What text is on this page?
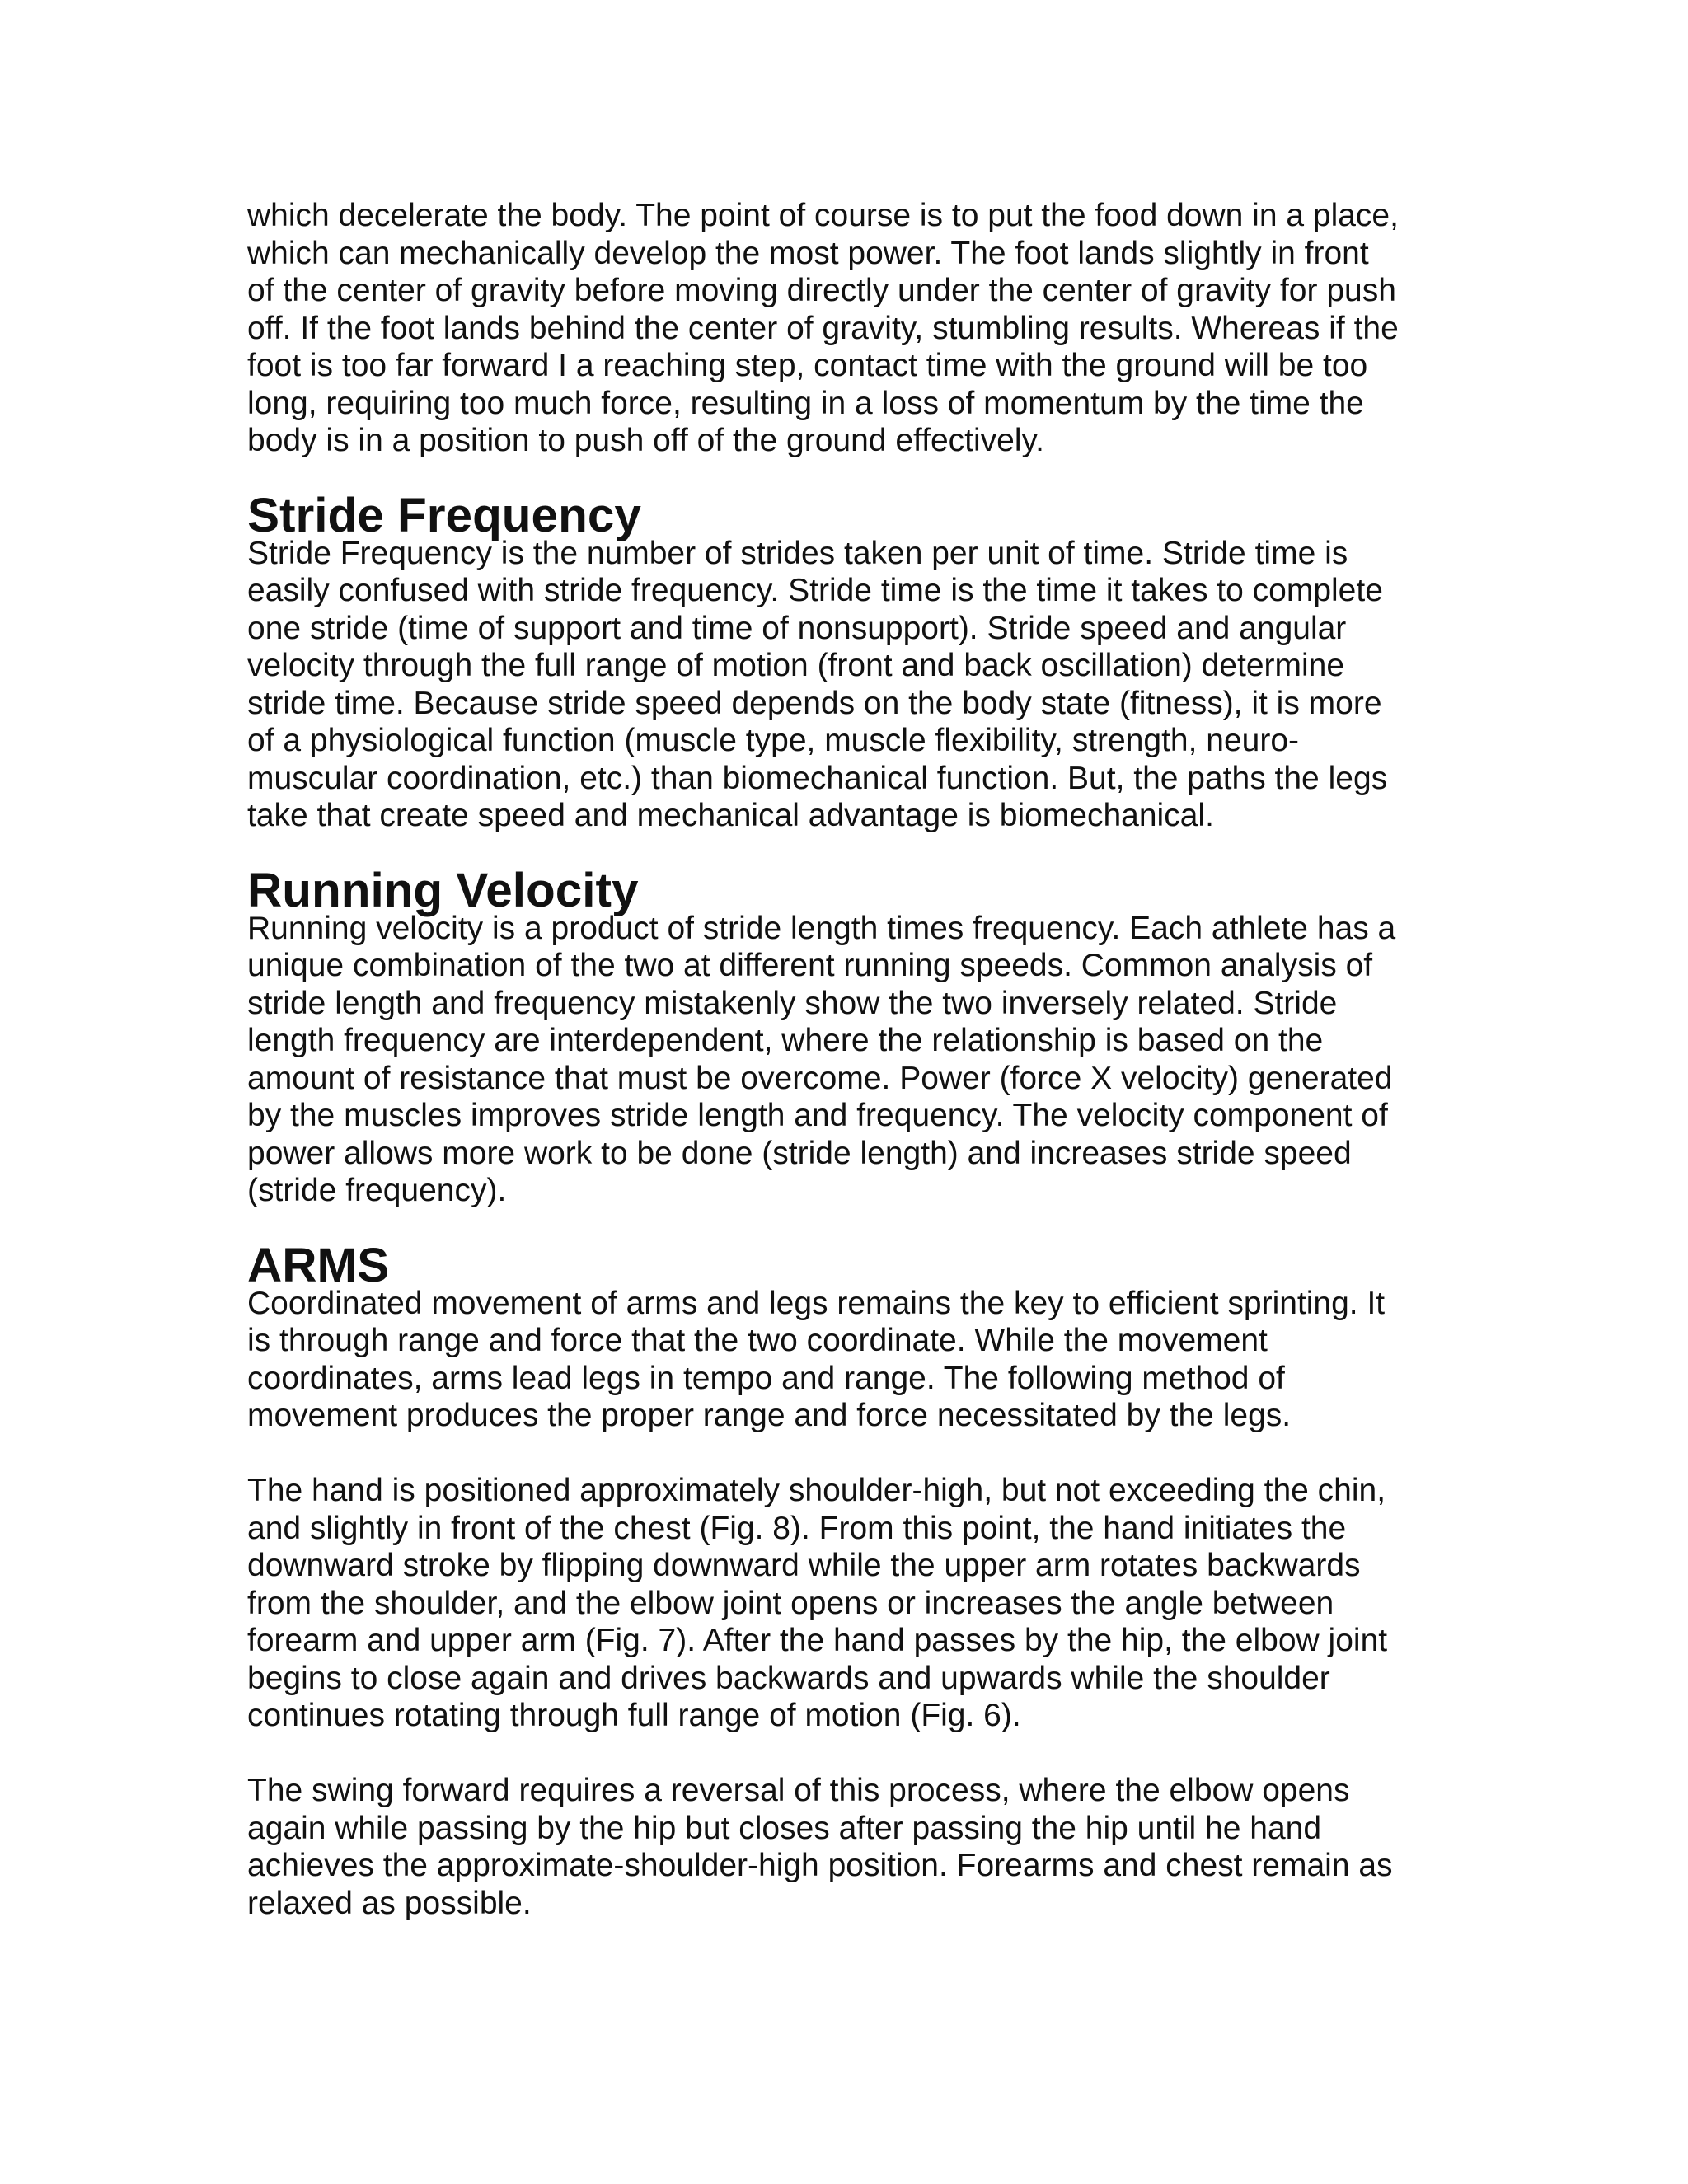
which decelerate the body. The point of course is to put the food down in a place,
which can mechanically develop the most power. The foot lands slightly in front
of the center of gravity before moving directly under the center of gravity for push
off. If the foot lands behind the center of gravity, stumbling results. Whereas if the
foot is too far forward I a reaching step, contact time with the ground will be too
long, requiring too much force, resulting in a loss of momentum by the time the
body is in a position to push off of the ground effectively.

Stride Frequency

Stride Frequency is the number of strides taken per unit of time. Stride time is
easily confused with stride frequency. Stride time is the time it takes to complete
one stride (time of support and time of nonsupport). Stride speed and angular
velocity through the full range of motion (front and back oscillation) determine
stride time. Because stride speed depends on the body state (fitness), it is more
of a physiological function (muscle type, muscle flexibility, strength, neuro-
muscular coordination, etc.) than biomechanical function. But, the paths the legs
take that create speed and mechanical advantage is biomechanical.

Running Velocity

Running velocity is a product of stride length times frequency. Each athlete has a
unique combination of the two at different running speeds. Common analysis of
stride length and frequency mistakenly show the two inversely related. Stride
length frequency are interdependent, where the relationship is based on the
amount of resistance that must be overcome. Power (force X velocity) generated
by the muscles improves stride length and frequency. The velocity component of
power allows more work to be done (stride length) and increases stride speed
(stride frequency).

ARMS

Coordinated movement of arms and legs remains the key to efficient sprinting. It
is through range and force that the two coordinate. While the movement
coordinates, arms lead legs in tempo and range. The following method of
movement produces the proper range and force necessitated by the legs.

The hand is positioned approximately shoulder-high, but not exceeding the chin,
and slightly in front of the chest (Fig. 8). From this point, the hand initiates the
downward stroke by flipping downward while the upper arm rotates backwards
from the shoulder, and the elbow joint opens or increases the angle between
forearm and upper arm (Fig. 7). After the hand passes by the hip, the elbow joint
begins to close again and drives backwards and upwards while the shoulder
continues rotating through full range of motion (Fig. 6).

The swing forward requires a reversal of this process, where the elbow opens
again while passing by the hip but closes after passing the hip until he hand
achieves the approximate-shoulder-high position. Forearms and chest remain as
relaxed as possible.
